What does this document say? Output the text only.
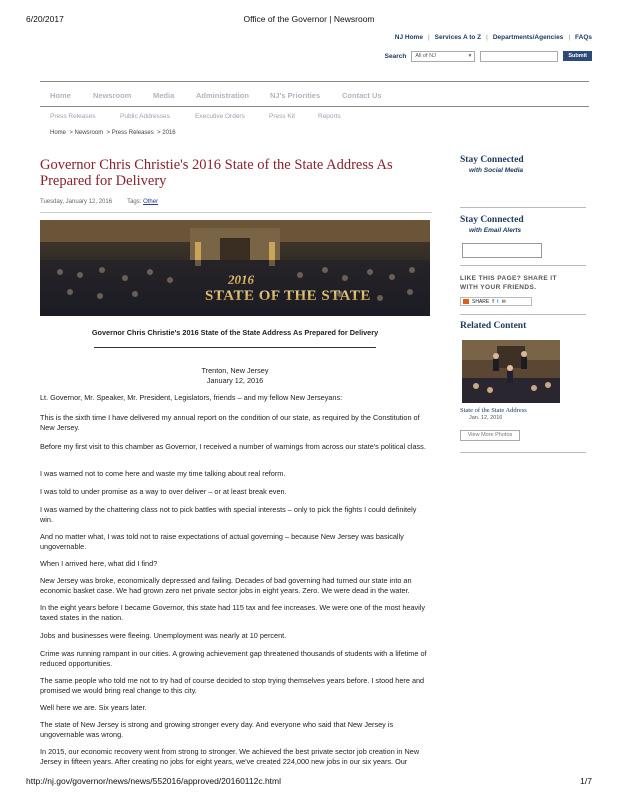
6/20/2017	Office of the Governor | Newsroom
NJ Home | Services A to Z | Departments/Agencies | FAQs
Search All of NJ	▾	Submit
Home	Newsroom	Media	Administration	NJ's Priorities	Contact Us
Press Releases	Public Addresses	Executive Orders	Press Kit	Reports
Home  > Newsroom  > Press Releases  > 2016
Governor Chris Christie's 2016 State of the State Address As Prepared for Delivery
Tuesday, January 12, 2016	Tags: Other
2016
STATE OF THE STATE
Governor Chris Christie's 2016 State of the State Address As Prepared for Delivery
Trenton, New Jersey
January 12, 2016
Lt. Governor, Mr. Speaker, Mr. President, Legislators, friends – and my fellow New Jerseyans:
This is the sixth time I have delivered my annual report on the condition of our state, as required by the Constitution of New Jersey.
Before my first visit to this chamber as Governor, I received a number of warnings from across our state's political class.
I was warned not to come here and waste my time talking about real reform.
I was told to under promise as a way to over deliver – or at least break even.
I was warned by the chattering class not to pick battles with special interests – only to pick the fights I could definitely win.
And no matter what, I was told not to raise expectations of actual governing – because New Jersey was basically ungovernable.
When I arrived here, what did I find?
New Jersey was broke, economically depressed and failing. Decades of bad governing had turned our state into an economic basket case. We had grown zero net private sector jobs in eight years. Zero. We were dead in the water.
In the eight years before I became Governor, this state had 115 tax and fee increases. We were one of the most heavily taxed states in the nation.
Jobs and businesses were fleeing. Unemployment was nearly at 10 percent.
Crime was running rampant in our cities. A growing achievement gap threatened thousands of students with a lifetime of reduced opportunities.
The same people who told me not to try had of course decided to stop trying themselves years before. I stood here and promised we would bring real change to this city.
Well here we are. Six years later.
The state of New Jersey is strong and growing stronger every day. And everyone who said that New Jersey is ungovernable was wrong.
In 2015, our economic recovery went from strong to stronger. We achieved the best private sector job creation in New Jersey in fifteen years. After creating no jobs for eight years, we've created 224,000 new jobs in our six years. Our
Stay Connected
with Social Media
Stay Connected
with Email Alerts
LIKE THIS PAGE? SHARE IT
WITH YOUR FRIENDS.
SHARE f t ✉
Related Content
State of the State Address
Jan. 12, 2016
View More Photos
http://nj.gov/governor/news/news/552016/approved/20160112c.html	1/7
